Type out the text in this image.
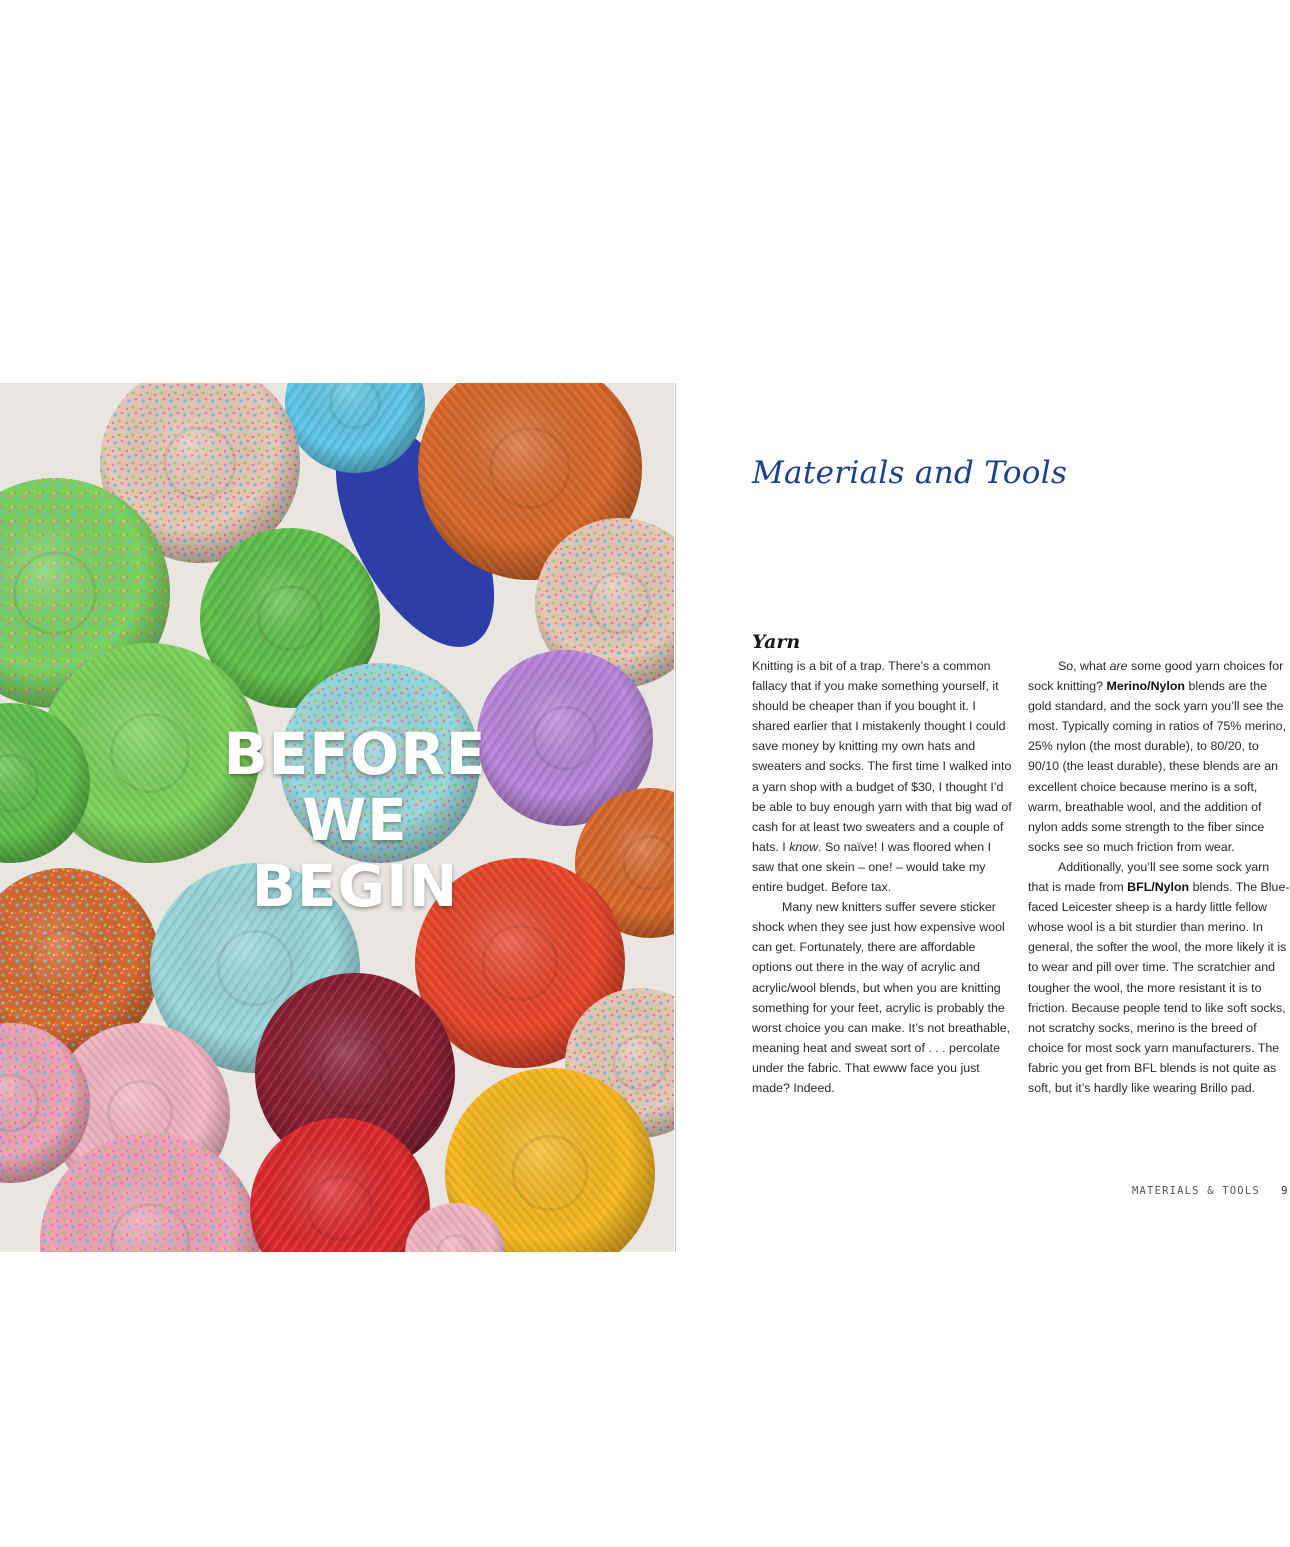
BEFORE
WE BEGIN
Materials and Tools
Yarn

Knitting is a bit of a trap. There’s a common fallacy that if you make something yourself, it should be cheaper than if you bought it. I shared earlier that I mistakenly thought I could save money by knitting my own hats and sweaters and socks. The first time I walked into a yarn shop with a budget of $30, I thought I’d be able to buy enough yarn with that big wad of cash for at least two sweaters and a couple of hats. I know. So naïve! I was floored when I saw that one skein – one! – would take my entire budget. Before tax.

Many new knitters suffer severe sticker shock when they see just how expensive wool can get. Fortunately, there are affordable options out there in the way of acrylic and acrylic/wool blends, but when you are knitting something for your feet, acrylic is probably the worst choice you can make. It’s not breathable, meaning heat and sweat sort of . . . percolate under the fabric. That ewww face you just made? Indeed.

So, what are some good yarn choices for sock knitting? Merino/Nylon blends are the gold standard, and the sock yarn you’ll see the most. Typically coming in ratios of 75% merino, 25% nylon (the most durable), to 80/20, to 90/10 (the least durable), these blends are an excellent choice because merino is a soft, warm, breathable wool, and the addition of nylon adds some strength to the fiber since socks see so much friction from wear.

Additionally, you’ll see some sock yarn that is made from BFL/Nylon blends. The Blue-faced Leicester sheep is a hardy little fellow whose wool is a bit sturdier than merino. In general, the softer the wool, the more likely it is to wear and pill over time. The scratchier and tougher the wool, the more resistant it is to friction. Because people tend to like soft socks, not scratchy socks, merino is the breed of choice for most sock yarn manufacturers. The fabric you get from BFL blends is not quite as soft, but it’s hardly like wearing Brillo pad.

MATERIALS & TOOLS 9
